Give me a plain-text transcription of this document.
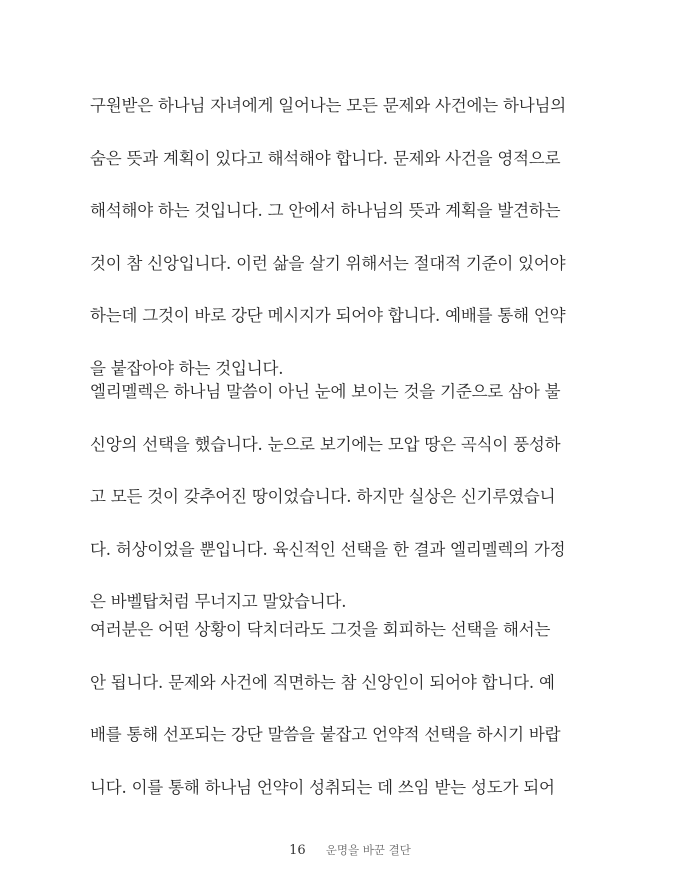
구원받은 하나님 자녀에게 일어나는 모든 문제와 사건에는 하나님의
숨은 뜻과 계획이 있다고 해석해야 합니다. 문제와 사건을 영적으로
해석해야 하는 것입니다. 그 안에서 하나님의 뜻과 계획을 발견하는
것이 참 신앙입니다. 이런 삶을 살기 위해서는 절대적 기준이 있어야
하는데 그것이 바로 강단 메시지가 되어야 합니다. 예배를 통해 언약
을 붙잡아야 하는 것입니다.
엘리멜렉은 하나님 말씀이 아닌 눈에 보이는 것을 기준으로 삼아 불
신앙의 선택을 했습니다. 눈으로 보기에는 모압 땅은 곡식이 풍성하
고 모든 것이 갖추어진 땅이었습니다. 하지만 실상은 신기루였습니
다. 허상이었을 뿐입니다. 육신적인 선택을 한 결과 엘리멜렉의 가정
은 바벨탑처럼 무너지고 말았습니다.
여러분은 어떤 상황이 닥치더라도 그것을 회피하는 선택을 해서는
안 됩니다. 문제와 사건에 직면하는 참 신앙인이 되어야 합니다. 예
배를 통해 선포되는 강단 말씀을 붙잡고 언약적 선택을 하시기 바랍
니다. 이를 통해 하나님 언약이 성취되는 데 쓰임 받는 성도가 되어
16 운명을 바꾼 결단
